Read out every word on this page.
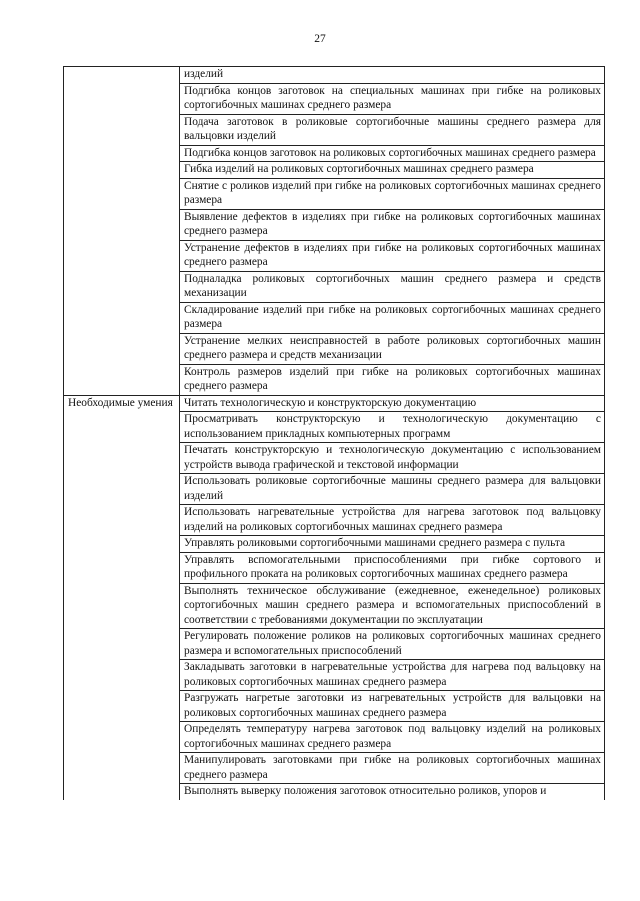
27
	изделий
	Подгибка концов заготовок на специальных машинах при гибке на роликовых сортогибочных машинах среднего размера
	Подача заготовок в роликовые сортогибочные машины среднего размера для вальцовки изделий
	Подгибка концов заготовок на роликовых сортогибочных машинах среднего размера
	Гибка изделий на роликовых сортогибочных машинах среднего размера
	Снятие с роликов изделий при гибке на роликовых сортогибочных машинах среднего размера
	Выявление дефектов в изделиях при гибке на роликовых сортогибочных машинах среднего размера
	Устранение дефектов в изделиях при гибке на роликовых сортогибочных машинах среднего размера
	Подналадка роликовых сортогибочных машин среднего размера и средств механизации
	Складирование изделий при гибке на роликовых сортогибочных машинах среднего размера
	Устранение мелких неисправностей в работе роликовых сортогибочных машин среднего размера и средств механизации
	Контроль размеров изделий при гибке на роликовых сортогибочных машинах среднего размера
Необходимые умения	Читать технологическую и конструкторскую документацию
	Просматривать конструкторскую и технологическую документацию с использованием прикладных компьютерных программ
	Печатать конструкторскую и технологическую документацию с использованием устройств вывода графической и текстовой информации
	Использовать роликовые сортогибочные машины среднего размера для вальцовки изделий
	Использовать нагревательные устройства для нагрева заготовок под вальцовку изделий на роликовых сортогибочных машинах среднего размера
	Управлять роликовыми сортогибочными машинами среднего размера с пульта
	Управлять вспомогательными приспособлениями при гибке сортового и профильного проката на роликовых сортогибочных машинах среднего размера
	Выполнять техническое обслуживание (ежедневное, еженедельное) роликовых сортогибочных машин среднего размера и вспомогательных приспособлений в соответствии с требованиями документации по эксплуатации
	Регулировать положение роликов на роликовых сортогибочных машинах среднего размера и вспомогательных приспособлений
	Закладывать заготовки в нагревательные устройства для нагрева под вальцовку на роликовых сортогибочных машинах среднего размера
	Разгружать нагретые заготовки из нагревательных устройств для вальцовки на роликовых сортогибочных машинах среднего размера
	Определять температуру нагрева заготовок под вальцовку изделий на роликовых сортогибочных машинах среднего размера
	Манипулировать заготовками при гибке на роликовых сортогибочных машинах среднего размера
	Выполнять выверку положения заготовок относительно роликов, упоров и
